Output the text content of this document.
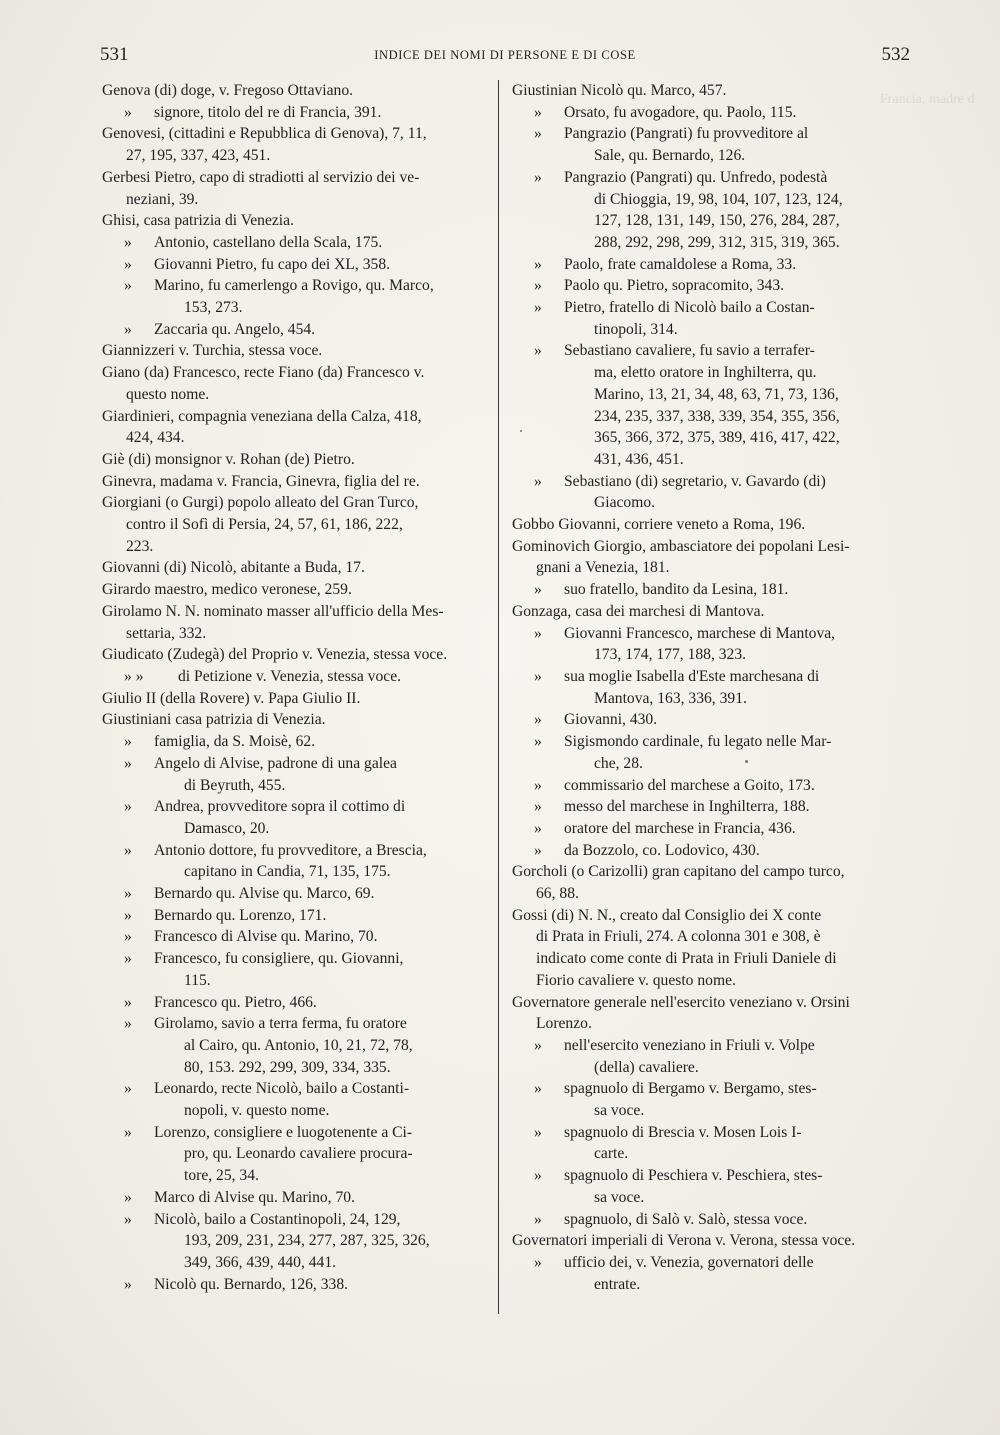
531	INDICE DEI NOMI DI PERSONE E DI COSE	532
Genova (di) doge, v. Fregoso Ottaviano.
» signore, titolo del re di Francia, 391.
Genovesi, (cittadini e Repubblica di Genova), 7, 11,
27, 195, 337, 423, 451.
Gerbesi Pietro, capo di stradiotti al servizio dei ve-
neziani, 39.
Ghisi, casa patrizia di Venezia.
» Antonio, castellano della Scala, 175.
» Giovanni Pietro, fu capo dei XL, 358.
» Marino, fu camerlengo a Rovigo, qu. Marco,
153, 273.
» Zaccaria qu. Angelo, 454.
Giannizzeri v. Turchia, stessa voce.
Giano (da) Francesco, recte Fiano (da) Francesco v.
questo nome.
Giardinieri, compagnia veneziana della Calza, 418,
424, 434.
Giè (di) monsignor v. Rohan (de) Pietro.
Ginevra, madama v. Francia, Ginevra, figlia del re.
Giorgiani (o Gurgi) popolo alleato del Gran Turco,
contro il Sofì di Persia, 24, 57, 61, 186, 222,
223.
Giovanni (di) Nicolò, abitante a Buda, 17.
Girardo maestro, medico veronese, 259.
Girolamo N. N. nominato masser all'ufficio della Mes-
settaria, 332.
Giudicato (Zudegà) del Proprio v. Venezia, stessa voce.
» » di Petizione v. Venezia, stessa voce.
Giulio II (della Rovere) v. Papa Giulio II.
Giustiniani casa patrizia di Venezia.
» famiglia, da S. Moisè, 62.
» Angelo di Alvise, padrone di una galea
di Beyruth, 455.
» Andrea, provveditore sopra il cottimo di
Damasco, 20.
» Antonio dottore, fu provveditore, a Brescia,
capitano in Candia, 71, 135, 175.
» Bernardo qu. Alvise qu. Marco, 69.
» Bernardo qu. Lorenzo, 171.
» Francesco di Alvise qu. Marino, 70.
» Francesco, fu consigliere, qu. Giovanni,
115.
» Francesco qu. Pietro, 466.
» Girolamo, savio a terra ferma, fu oratore
al Cairo, qu. Antonio, 10, 21, 72, 78,
80, 153. 292, 299, 309, 334, 335.
» Leonardo, recte Nicolò, bailo a Costanti-
nopoli, v. questo nome.
» Lorenzo, consigliere e luogotenente a Ci-
pro, qu. Leonardo cavaliere procura-
tore, 25, 34.
» Marco di Alvise qu. Marino, 70.
» Nicolò, bailo a Costantinopoli, 24, 129,
193, 209, 231, 234, 277, 287, 325, 326,
349, 366, 439, 440, 441.
» Nicolò qu. Bernardo, 126, 338.
Giustinian Nicolò qu. Marco, 457.
» Orsato, fu avogadore, qu. Paolo, 115.
» Pangrazio (Pangrati) fu provveditore al
Sale, qu. Bernardo, 126.
» Pangrazio (Pangrati) qu. Unfredo, podestà
di Chioggia, 19, 98, 104, 107, 123, 124,
127, 128, 131, 149, 150, 276, 284, 287,
288, 292, 298, 299, 312, 315, 319, 365.
» Paolo, frate camaldolese a Roma, 33.
» Paolo qu. Pietro, sopracomito, 343.
» Pietro, fratello di Nicolò bailo a Costan-
tinopoli, 314.
» Sebastiano cavaliere, fu savio a terrafer-
ma, eletto oratore in Inghilterra, qu.
Marino, 13, 21, 34, 48, 63, 71, 73, 136,
234, 235, 337, 338, 339, 354, 355, 356,
365, 366, 372, 375, 389, 416, 417, 422,
431, 436, 451.
» Sebastiano (di) segretario, v. Gavardo (di)
Giacomo.
Gobbo Giovanni, corriere veneto a Roma, 196.
Gominovich Giorgio, ambasciatore dei popolani Lesi-
gnani a Venezia, 181.
» suo fratello, bandito da Lesina, 181.
Gonzaga, casa dei marchesi di Mantova.
» Giovanni Francesco, marchese di Mantova,
173, 174, 177, 188, 323.
» sua moglie Isabella d'Este marchesana di
Mantova, 163, 336, 391.
» Giovanni, 430.
» Sigismondo cardinale, fu legato nelle Mar-
che, 28.
» commissario del marchese a Goito, 173.
» messo del marchese in Inghilterra, 188.
» oratore del marchese in Francia, 436.
» da Bozzolo, co. Lodovico, 430.
Gorcholi (o Carizolli) gran capitano del campo turco,
66, 88.
Gossi (di) N. N., creato dal Consiglio dei X conte
di Prata in Friuli, 274. A colonna 301 e 308, è
indicato come conte di Prata in Friuli Daniele di
Fiorio cavaliere v. questo nome.
Governatore generale nell'esercito veneziano v. Orsini
Lorenzo.
» nell'esercito veneziano in Friuli v. Volpe
(della) cavaliere.
» spagnuolo di Bergamo v. Bergamo, stes-
sa voce.
» spagnuolo di Brescia v. Mosen Lois I-
carte.
» spagnuolo di Peschiera v. Peschiera, stes-
sa voce.
» spagnuolo, di Salò v. Salò, stessa voce.
Governatori imperiali di Verona v. Verona, stessa voce.
» ufficio dei, v. Venezia, governatori delle
entrate.
Francia, madre d
